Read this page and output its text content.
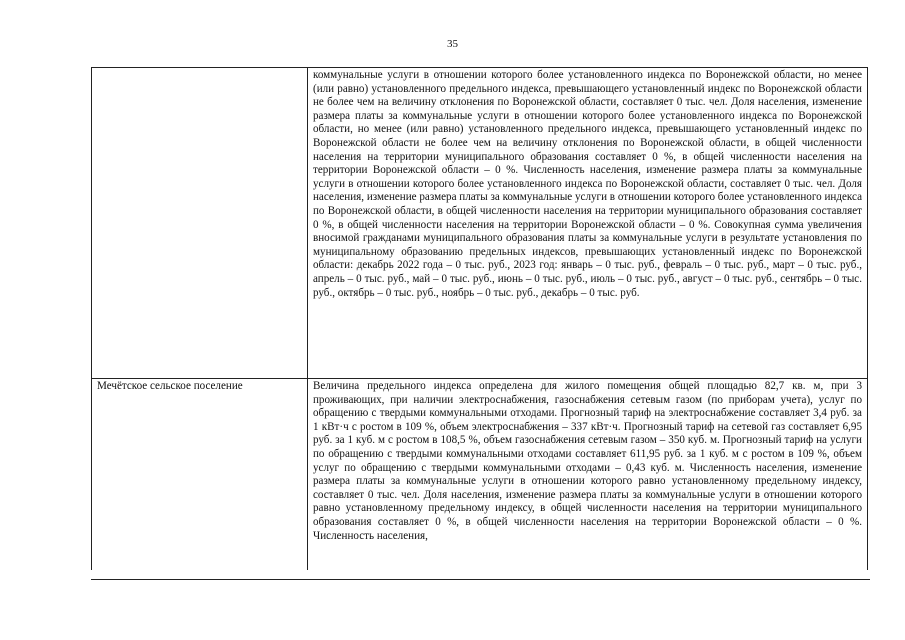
35
	коммунальные услуги в отношении которого более установленного индекса по Воронежской области, но менее (или равно) установленного предельного индекса, превышающего установленный индекс по Воронежской области не более чем на величину отклонения по Воронежской области, составляет 0 тыс. чел. Доля населения, изменение размера платы за коммунальные услуги в отношении которого более установленного индекса по Воронежской области, но менее (или равно) установленного предельного индекса, превышающего установленный индекс по Воронежской области не более чем на величину отклонения по Воронежской области, в общей численности населения на территории муниципального образования составляет 0 %, в общей численности населения на территории Воронежской области – 0 %. Численность населения, изменение размера платы за коммунальные услуги в отношении которого более установленного индекса по Воронежской области, составляет 0 тыс. чел. Доля населения, изменение размера платы за коммунальные услуги в отношении которого более установленного индекса по Воронежской области, в общей численности населения на территории муниципального образования составляет 0 %, в общей численности населения на территории Воронежской области – 0 %. Совокупная сумма увеличения вносимой гражданами муниципального образования платы за коммунальные услуги в результате установления по муниципальному образованию предельных индексов, превышающих установленный индекс по Воронежской области: декабрь 2022 года – 0 тыс. руб., 2023 год: январь – 0 тыс. руб., февраль – 0 тыс. руб., март – 0 тыс. руб., апрель – 0 тыс. руб., май – 0 тыс. руб., июнь – 0 тыс. руб., июль – 0 тыс. руб., август – 0 тыс. руб., сентябрь – 0 тыс. руб., октябрь – 0 тыс. руб., ноябрь – 0 тыс. руб., декабрь – 0 тыс. руб.
Мечётское сельское поселение	Величина предельного индекса определена для жилого помещения общей площадью 82,7 кв. м, при 3 проживающих, при наличии электроснабжения, газоснабжения сетевым газом (по приборам учета), услуг по обращению с твердыми коммунальными отходами. Прогнозный тариф на электроснабжение составляет 3,4 руб. за 1 кВт·ч с ростом в 109 %, объем электроснабжения – 337 кВт·ч. Прогнозный тариф на сетевой газ составляет 6,95 руб. за 1 куб. м с ростом в 108,5 %, объем газоснабжения сетевым газом – 350 куб. м. Прогнозный тариф на услуги по обращению с твердыми коммунальными отходами составляет 611,95 руб. за 1 куб. м с ростом в 109 %, объем услуг по обращению с твердыми коммунальными отходами – 0,43 куб. м. Численность населения, изменение размера платы за коммунальные услуги в отношении которого равно установленному предельному индексу, составляет 0 тыс. чел. Доля населения, изменение размера платы за коммунальные услуги в отношении которого равно установленному предельному индексу, в общей численности населения на территории муниципального образования составляет 0 %, в общей численности населения на территории Воронежской области – 0 %. Численность населения,
